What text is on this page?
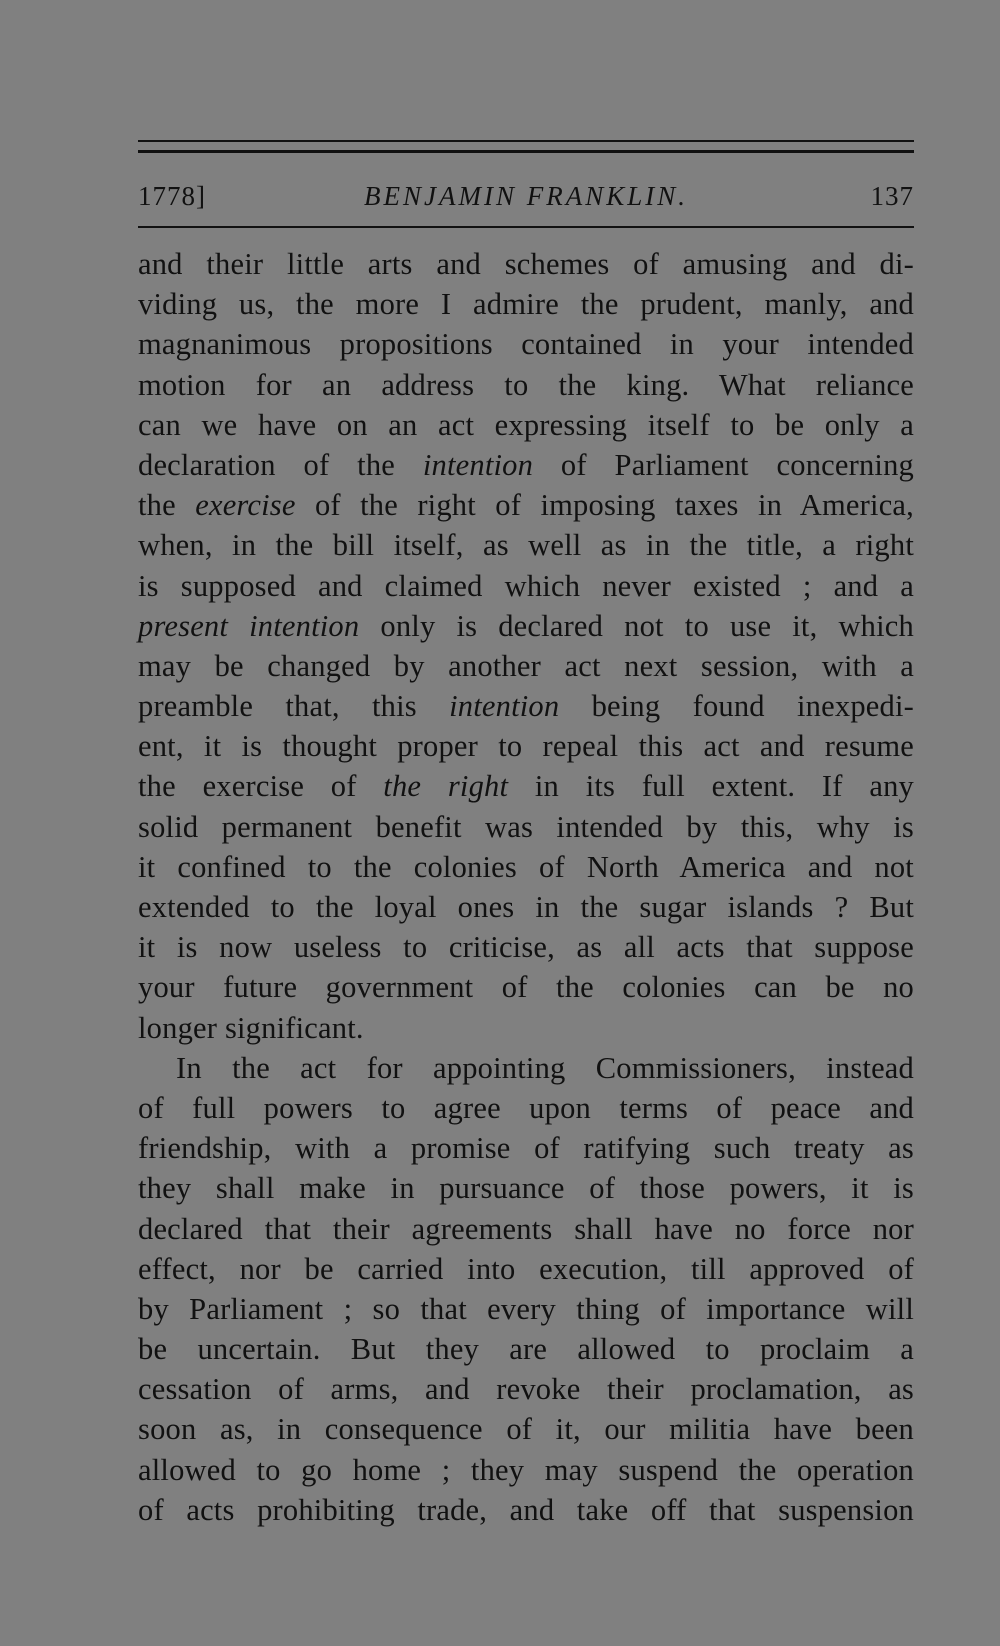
1778]	BENJAMIN FRANKLIN.	137
and their little arts and schemes of amusing and di-
viding us, the more I admire the prudent, manly, and
magnanimous propositions contained in your intended
motion for an address to the king. What reliance
can we have on an act expressing itself to be only a
declaration of the intention of Parliament concerning
the exercise of the right of imposing taxes in America,
when, in the bill itself, as well as in the title, a right
is supposed and claimed which never existed ; and a
present intention only is declared not to use it, which
may be changed by another act next session, with a
preamble that, this intention being found inexpedi-
ent, it is thought proper to repeal this act and resume
the exercise of the right in its full extent. If any
solid permanent benefit was intended by this, why is
it confined to the colonies of North America and not
extended to the loyal ones in the sugar islands ? But
it is now useless to criticise, as all acts that suppose
your future government of the colonies can be no
longer significant.
In the act for appointing Commissioners, instead
of full powers to agree upon terms of peace and
friendship, with a promise of ratifying such treaty as
they shall make in pursuance of those powers, it is
declared that their agreements shall have no force nor
effect, nor be carried into execution, till approved of
by Parliament ; so that every thing of importance will
be uncertain. But they are allowed to proclaim a
cessation of arms, and revoke their proclamation, as
soon as, in consequence of it, our militia have been
allowed to go home ; they may suspend the operation
of acts prohibiting trade, and take off that suspension
